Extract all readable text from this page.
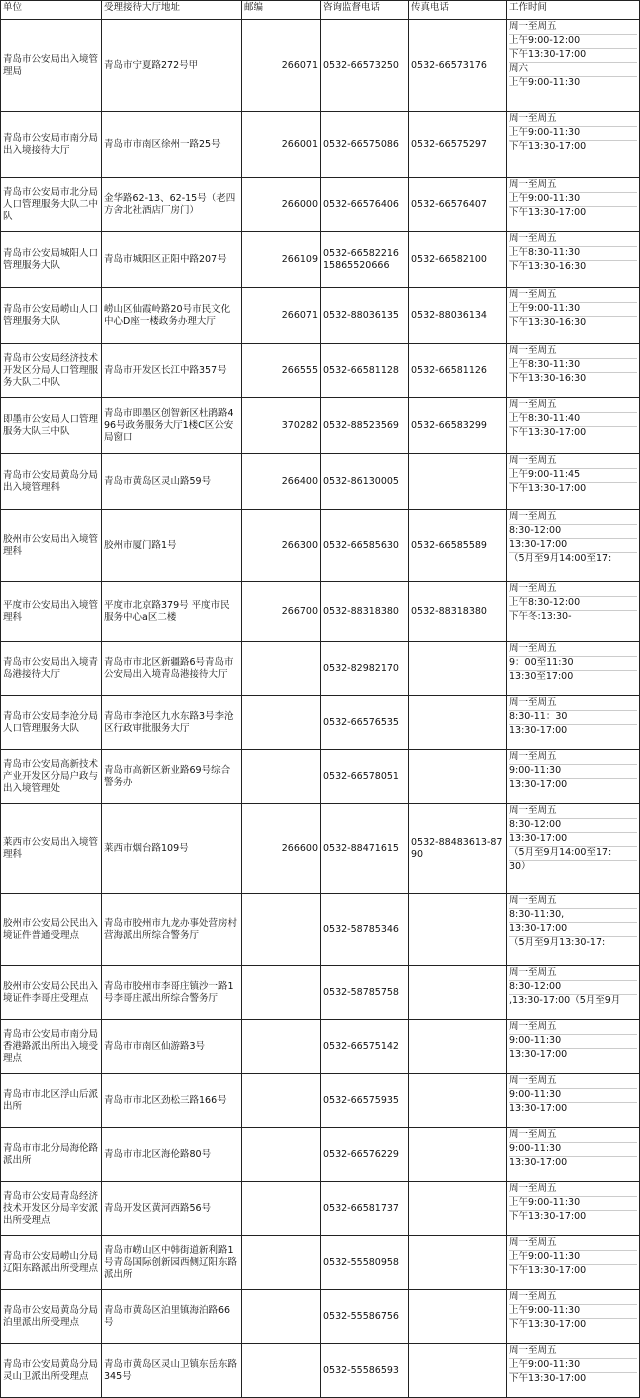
单位	受理接待大厅地址	邮编	咨询监督电话	传真电话	工作时间
青岛市公安局出入境管理局	青岛市宁夏路272号甲	266071	0532-66573250	0532-66573176	周一至周五
上午9:00-12:00
下午13:30-17:00
周六
上午9:00-11:30

青岛市公安局市南分局出入境接待大厅	青岛市市南区徐州一路25号	266001	0532-66575086	0532-66575297	周一至周五
上午9:00-11:30
下午13:30-17:00

青岛市公安局市北分局人口管理服务大队二中队	金华路62-13、62-15号（老四方舍北社酒店厂房门）	266000	0532-66576406	0532-66576407	周一至周五
上午9:00-11:30
下午13:30-17:00

青岛市公安局城阳人口管理服务大队	青岛市城阳区正阳中路207号	266109	0532-66582216 15865520666	0532-66582100	周一至周五
上午8:30-11:30
下午13:30-16:30

青岛市公安局崂山人口管理服务大队	崂山区仙霞岭路20号市民文化中心D座一楼政务办理大厅	266071	0532-88036135	0532-88036134	周一至周五
上午9:00-11:30
下午13:30-16:30

青岛市公安局经济技术开发区分局人口管理服务大队二中队	青岛市开发区长江中路357号	266555	0532-66581128	0532-66581126	周一至周五
上午8:30-11:30
下午13:30-16:30

即墨市公安局人口管理服务大队三中队	青岛市即墨区创智新区杜鹃路496号政务服务大厅1楼C区公安局窗口	370282	0532-88523569	0532-66583299	周一至周五
上午8:30-11:40
下午13:30-17:00

青岛市公安局黄岛分局出入境管理科	青岛市黄岛区灵山路59号	266400	0532-86130005		周一至周五
上午9:00-11:45
下午13:30-17:00

胶州市公安局出入境管理科	胶州市厦门路1号	266300	0532-66585630	0532-66585589	周一至周五
8:30-12:00
13:30-17:00
（5月至9月14:00至17:

平度市公安局出入境管理科	平度市北京路379号 平度市民服务中心a区二楼	266700	0532-88318380	0532-88318380	周一至周五
上午8:30-12:00
下午冬:13:30-

青岛市公安局出入境青岛港接待大厅	青岛市市北区新疆路6号青岛市公安局出入境青岛港接待大厅		0532-82982170		周一至周五
9：00至11:30
13:30至17:00

青岛市公安局李沧分局人口管理服务大队	青岛市李沧区九水东路3号李沧区行政审批服务大厅		0532-66576535		周一至周五
8:30-11：30
13:30-17:00

青岛市公安局高新技术产业开发区分局户政与出入境管理处	青岛市高新区新业路69号综合警务办		0532-66578051		周一至周五
9:00-11:30
13:30-17:00

莱西市公安局出入境管理科	莱西市烟台路109号	266600	0532-88471615	0532-88483613-8790	周一至周五
8:30-12:00
13:30-17:00
（5月至9月14:00至17:
30）

胶州市公安局公民出入境证件普通受理点	青岛市胶州市九龙办事处营房村营海派出所综合警务厅		0532-58785346		周一至周五
8:30-11:30,
13:30-17:00
（5月至9月13:30-17:

胶州市公安局公民出入境证件李哥庄受理点	青岛市胶州市李哥庄镇沙一路1号李哥庄派出所综合警务厅		0532-58785758		周一至周五
8:30-12:00
,13:30-17:00（5月至9月

青岛市公安局市南分局香港路派出所出入境受理点	青岛市市南区仙游路3号		0532-66575142		周一至周五
9:00-11:30
13:30-17:00

青岛市市北区浮山后派出所	青岛市市北区劲松三路166号		0532-66575935		周一至周五
9:00-11:30
13:30-17:00

青岛市市北分局海伦路派出所	青岛市市北区海伦路80号		0532-66576229		周一至周五
9:00-11:30
13:30-17:00

青岛市公安局青岛经济技术开发区分局辛安派出所受理点	青岛开发区黄河西路56号		0532-66581737		周一至周五
上午9:00-11:30
下午13:30-17:00

青岛市公安局崂山分局辽阳东路派出所受理点	青岛市崂山区中韩街道新利路1号青岛国际创新园西侧辽阳东路派出所		0532-55580958		周一至周五
上午9:00-11:30
下午13:30-17:00

青岛市公安局黄岛分局泊里派出所受理点	青岛市黄岛区泊里镇海泊路66号		0532-55586756		周一至周五
上午9:00-11:30
下午13:30-17:00

青岛市公安局黄岛分局灵山卫派出所受理点	青岛市黄岛区灵山卫镇东岳东路345号		0532-55586593		周一至周五
上午9:00-11:30
下午13:30-17:00
